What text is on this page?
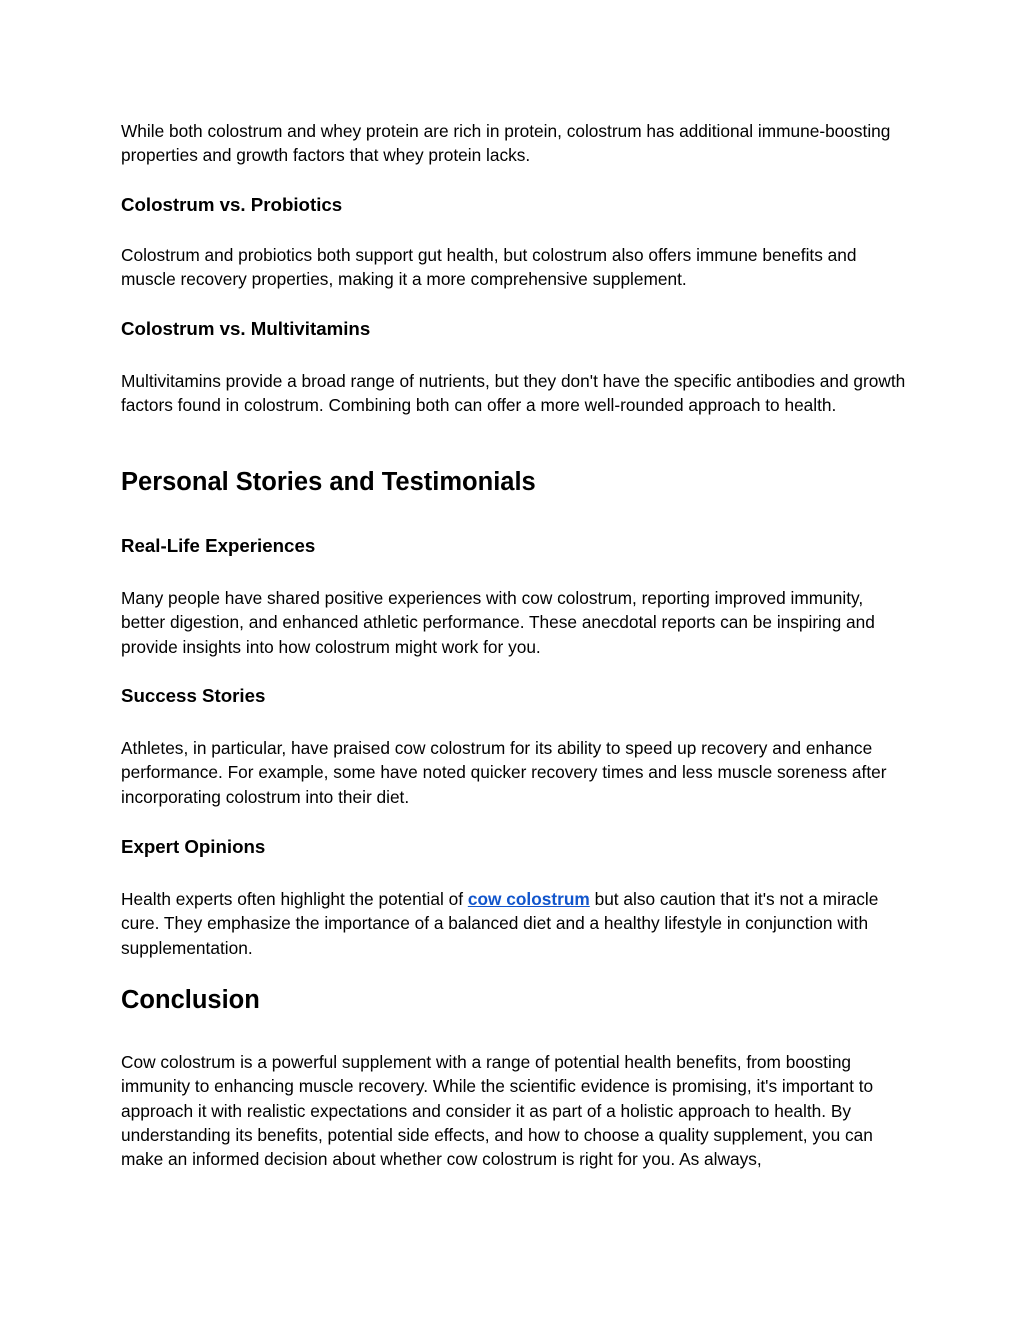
While both colostrum and whey protein are rich in protein, colostrum has additional immune-boosting properties and growth factors that whey protein lacks.

Colostrum vs. Probiotics

Colostrum and probiotics both support gut health, but colostrum also offers immune benefits and muscle recovery properties, making it a more comprehensive supplement.

Colostrum vs. Multivitamins

Multivitamins provide a broad range of nutrients, but they don't have the specific antibodies and growth factors found in colostrum. Combining both can offer a more well-rounded approach to health.

Personal Stories and Testimonials
Real-Life Experiences

Many people have shared positive experiences with cow colostrum, reporting improved immunity, better digestion, and enhanced athletic performance. These anecdotal reports can be inspiring and provide insights into how colostrum might work for you.

Success Stories

Athletes, in particular, have praised cow colostrum for its ability to speed up recovery and enhance performance. For example, some have noted quicker recovery times and less muscle soreness after incorporating colostrum into their diet.

Expert Opinions

Health experts often highlight the potential of cow colostrum but also caution that it's not a miracle cure. They emphasize the importance of a balanced diet and a healthy lifestyle in conjunction with supplementation.

Conclusion

Cow colostrum is a powerful supplement with a range of potential health benefits, from boosting immunity to enhancing muscle recovery. While the scientific evidence is promising, it's important to approach it with realistic expectations and consider it as part of a holistic approach to health. By understanding its benefits, potential side effects, and how to choose a quality supplement, you can make an informed decision about whether cow colostrum is right for you. As always,
